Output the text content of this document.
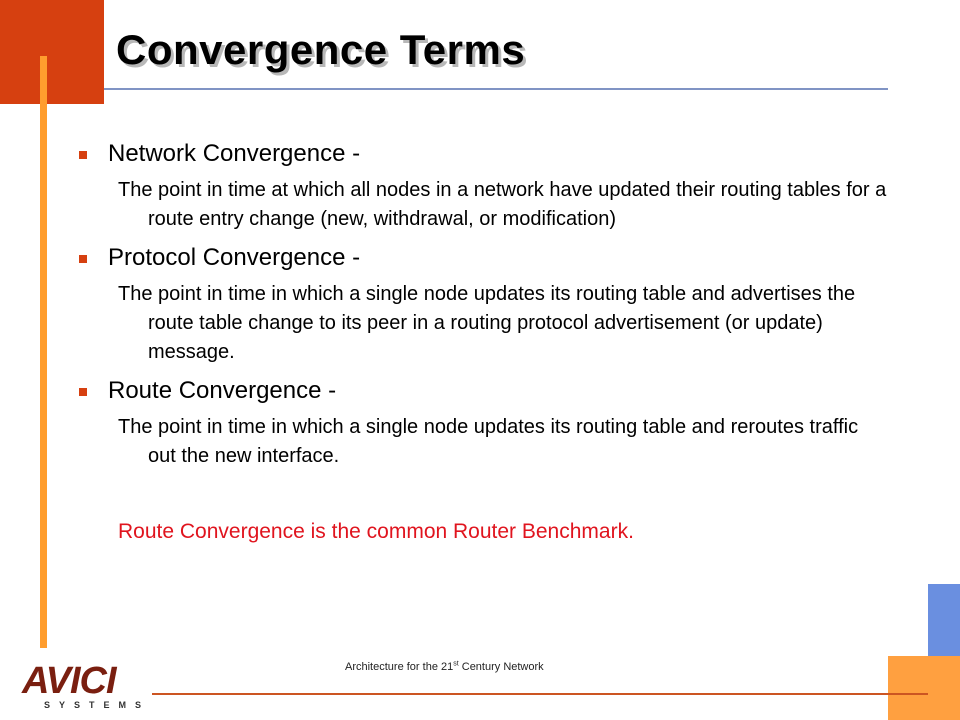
Convergence Terms
Network Convergence -
The point in time at which all nodes in a network have updated their routing tables for a route entry change (new, withdrawal, or modification)
Protocol Convergence -
The point in time in which a single node updates its routing table and advertises the route table change to its peer in a routing protocol advertisement (or update) message.
Route Convergence -
The point in time in which a single node updates its routing table and reroutes traffic out the new interface.
Route Convergence is the common Router Benchmark.
Architecture for the 21st Century Network
AVICI
SYSTEMS
